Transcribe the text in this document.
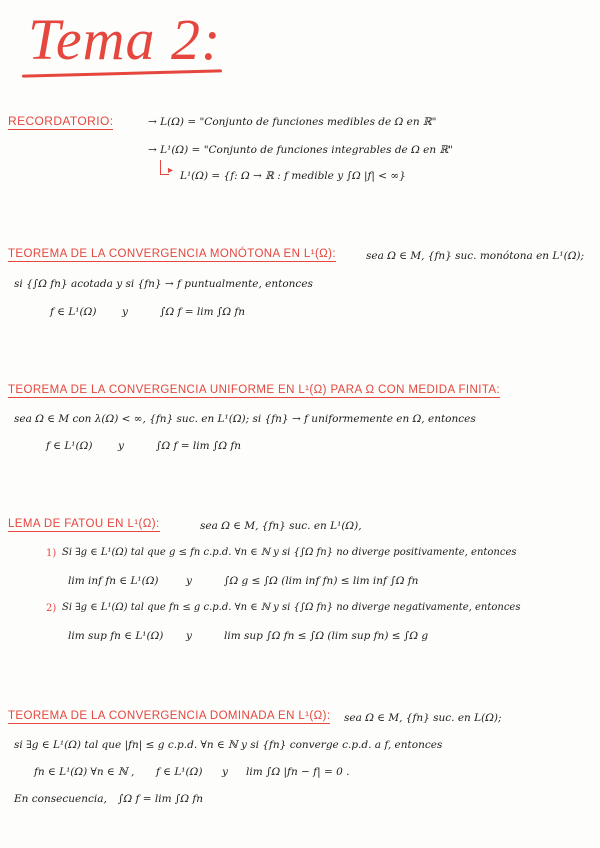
Tema 2:
RECORDATORIO:	→ L(Ω) = "Conjunto de funciones medibles de Ω en ℝ"
→ L¹(Ω) = "Conjunto de funciones integrables de Ω en ℝ"
▸ L¹(Ω) = {f: Ω → ℝ : f medible y ∫Ω |f| < ∞}
TEOREMA DE LA CONVERGENCIA MONÓTONA EN L¹(Ω):	sea Ω ∈ M, {fn} suc. monótona en L¹(Ω);
si {∫Ω fn} acotada y si {fn} → f puntualmente, entonces
f ∈ L¹(Ω) y	∫Ω f = lim ∫Ω fn
TEOREMA DE LA CONVERGENCIA UNIFORME EN L¹(Ω) PARA Ω CON MEDIDA FINITA:
sea Ω ∈ M con λ(Ω) < ∞, {fn} suc. en L¹(Ω); si {fn} → f uniformemente en Ω, entonces
f ∈ L¹(Ω) y	∫Ω f = lim ∫Ω fn
LEMA DE FATOU EN L¹(Ω):	sea Ω ∈ M, {fn} suc. en L¹(Ω),
1) Si ∃g ∈ L¹(Ω) tal que g ≤ fn c.p.d. ∀n ∈ ℕ y si {∫Ω fn} no diverge positivamente, entonces
lim inf fn ∈ L¹(Ω)	y	∫Ω g ≤ ∫Ω (lim inf fn) ≤ lim inf ∫Ω fn
2) Si ∃g ∈ L¹(Ω) tal que fn ≤ g c.p.d. ∀n ∈ ℕ y si {∫Ω fn} no diverge negativamente, entonces
lim sup fn ∈ L¹(Ω) y	lim sup ∫Ω fn ≤ ∫Ω (lim sup fn) ≤ ∫Ω g
TEOREMA DE LA CONVERGENCIA DOMINADA EN L¹(Ω): sea Ω ∈ M, {fn} suc. en L(Ω);
si ∃g ∈ L¹(Ω) tal que |fn| ≤ g c.p.d. ∀n ∈ ℕ y si {fn} converge c.p.d. a f, entonces
fn ∈ L¹(Ω) ∀n ∈ ℕ , f ∈ L¹(Ω) y lim ∫Ω |fn − f| = 0 .
En consecuencia, ∫Ω f = lim ∫Ω fn
